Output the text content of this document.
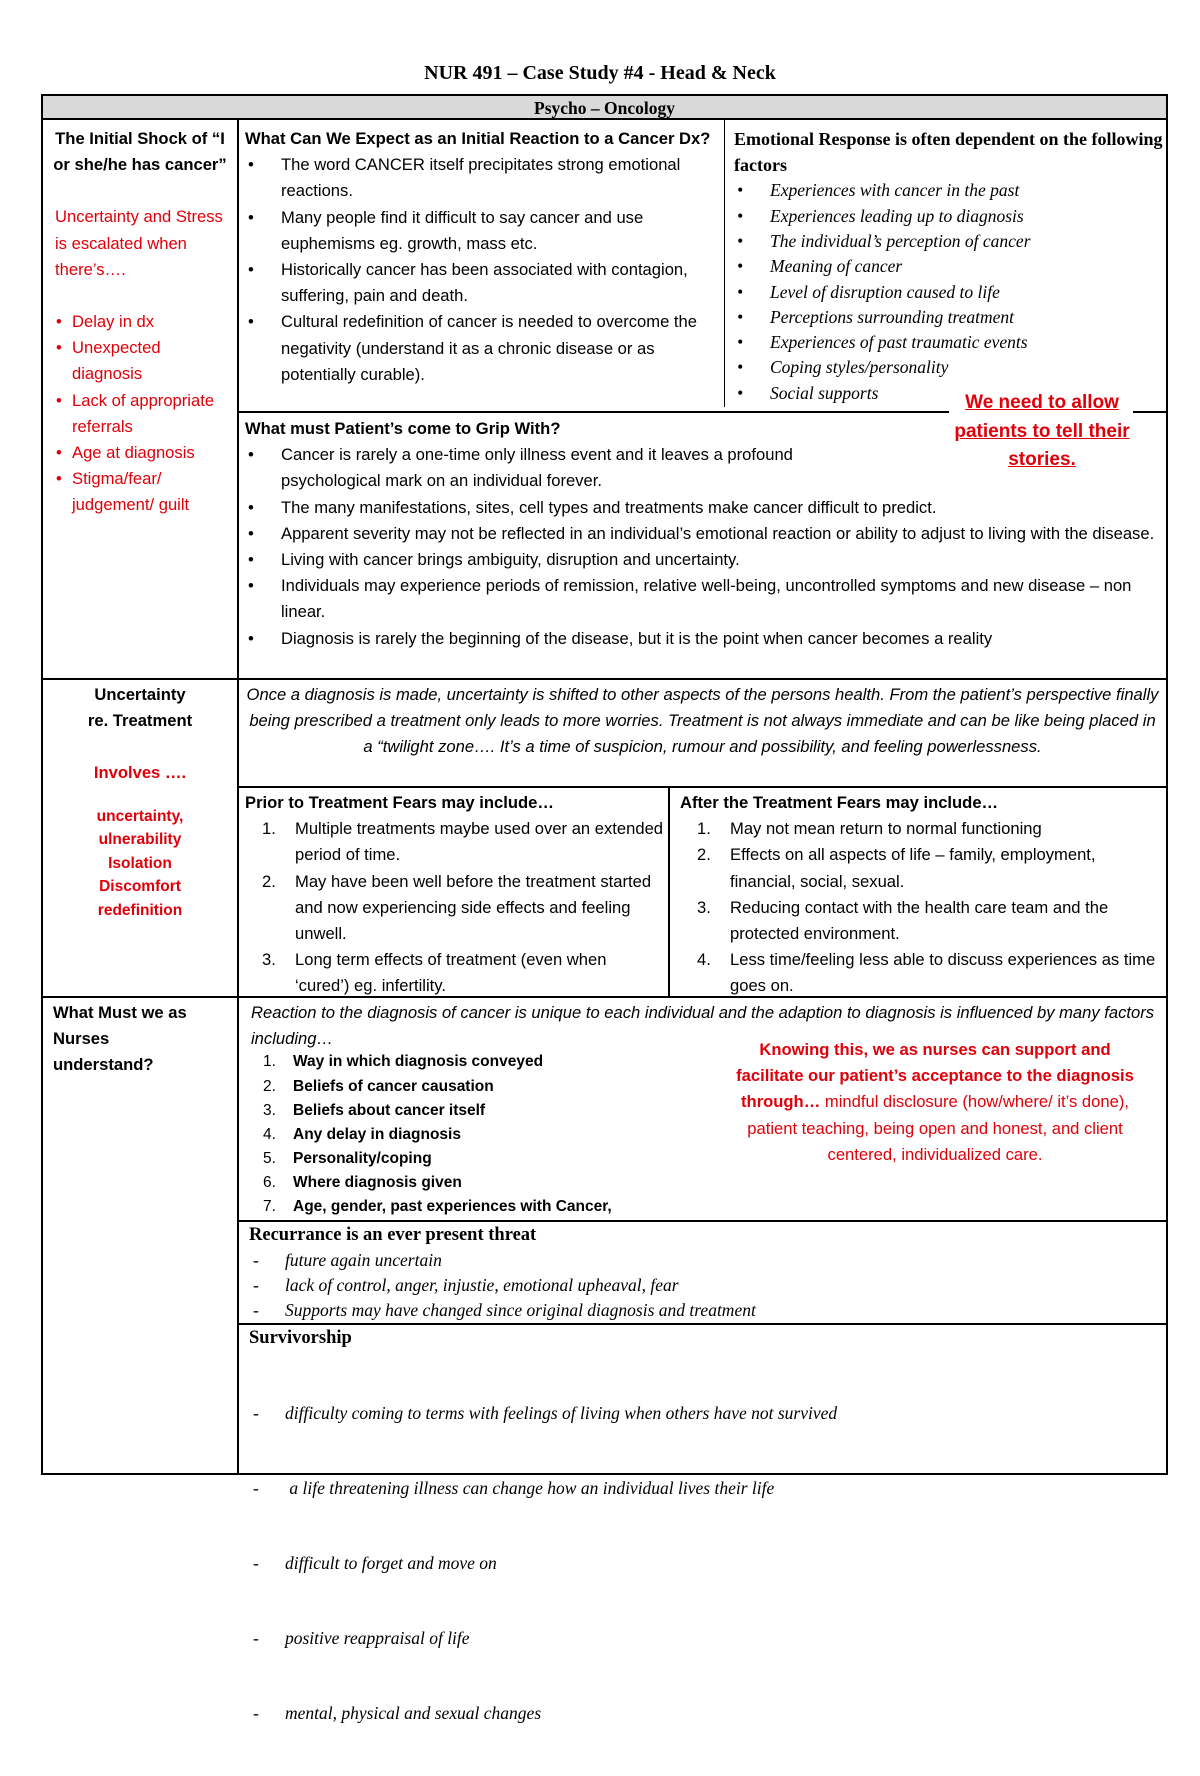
NUR 491 – Case Study #4 - Head & Neck
Psycho – Oncology
The Initial Shock of “I or she/he has cancer”
Uncertainty and Stress is escalated when there’s….
• Delay in dx
• Unexpected diagnosis
• Lack of appropriate referrals
• Age at diagnosis
• Stigma/fear/ judgement/ guilt
What Can We Expect as an Initial Reaction to a Cancer Dx?
• The word CANCER itself precipitates strong emotional reactions.
• Many people find it difficult to say cancer and use euphemisms eg. growth, mass etc.
• Historically cancer has been associated with contagion, suffering, pain and death.
• Cultural redefinition of cancer is needed to overcome the negativity (understand it as a chronic disease or as potentially curable).
Emotional Response is often dependent on the following factors
• Experiences with cancer in the past
• Experiences leading up to diagnosis
• The individual’s perception of cancer
• Meaning of cancer
• Level of disruption caused to life
• Perceptions surrounding treatment
• Experiences of past traumatic events
• Coping styles/personality
• Social supports	We need to allow patients to tell their stories.
What must Patient’s come to Grip With?
• Cancer is rarely a one-time only illness event and it leaves a profound psychological mark on an individual forever.
• The many manifestations, sites, cell types and treatments make cancer difficult to predict.
• Apparent severity may not be reflected in an individual’s emotional reaction or ability to adjust to living with the disease.
• Living with cancer brings ambiguity, disruption and uncertainty.
• Individuals may experience periods of remission, relative well-being, uncontrolled symptoms and new disease – non linear.
• Diagnosis is rarely the beginning of the disease, but it is the point when cancer becomes a reality
Uncertainty re. Treatment
Involves ….
uncertainty,
ulnerability
Isolation
Discomfort
redefinition
Once a diagnosis is made, uncertainty is shifted to other aspects of the persons health. From the patient’s perspective finally being prescribed a treatment only leads to more worries. Treatment is not always immediate and can be like being placed in a “twilight zone…. It’s a time of suspicion, rumour and possibility, and feeling powerlessness.
Prior to Treatment Fears may include…
1. Multiple treatments maybe used over an extended period of time.
2. May have been well before the treatment started and now experiencing side effects and feeling unwell.
3. Long term effects of treatment (even when ‘cured’) eg. infertility.
After the Treatment Fears may include…
1. May not mean return to normal functioning
2. Effects on all aspects of life – family, employment, financial, social, sexual.
3. Reducing contact with the health care team and the protected environment.
4. Less time/feeling less able to discuss experiences as time goes on.
What Must we as Nurses understand?
Reaction to the diagnosis of cancer is unique to each individual and the adaption to diagnosis is influenced by many factors including…
1. Way in which diagnosis conveyed
2. Beliefs of cancer causation
3. Beliefs about cancer itself
4. Any delay in diagnosis
5. Personality/coping
6. Where diagnosis given
7. Age, gender, past experiences with Cancer,
Knowing this, we as nurses can support and facilitate our patient’s acceptance to the diagnosis through… mindful disclosure (how/where/ it’s done), patient teaching, being open and honest, and client centered, individualized care.
Recurrance is an ever present threat
- future again uncertain
- lack of control, anger, injustie, emotional upheaval, fear
- Supports may have changed since original diagnosis and treatment
Survivorship

- difficulty coming to terms with feelings of living when others have not survived

-  a life threatening illness can change how an individual lives their life

- difficult to forget and move on

- positive reappraisal of life

- mental, physical and sexual changes
